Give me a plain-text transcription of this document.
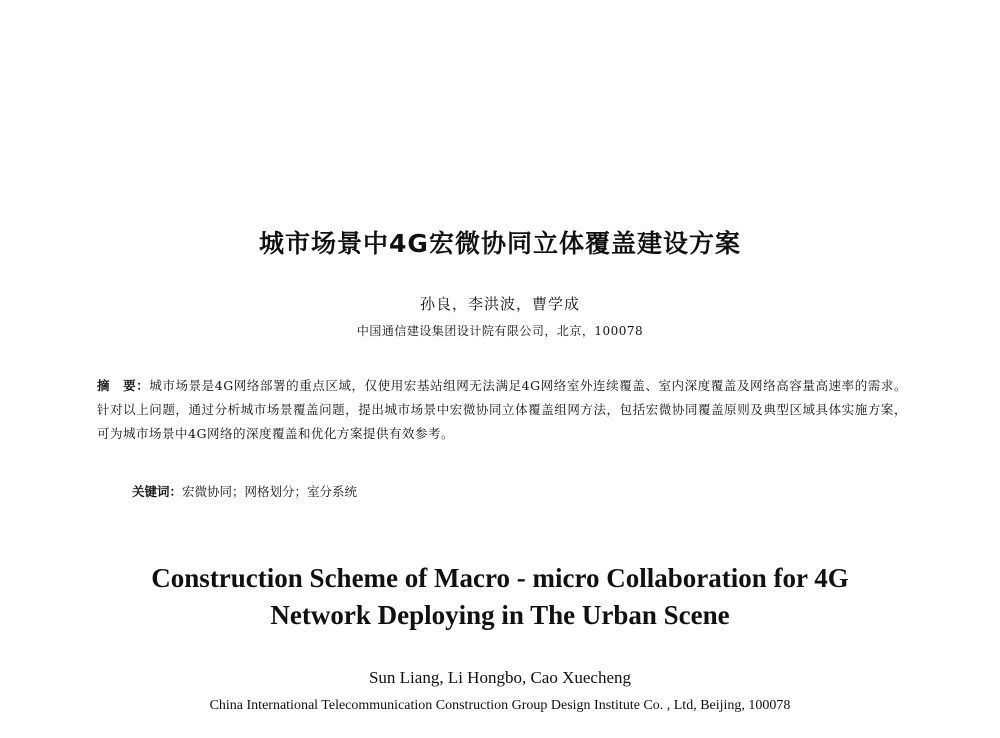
城市场景中4G宏微协同立体覆盖建设方案
孙良，李洪波，曹学成
中国通信建设集团设计院有限公司，北京，100078
摘　要：城市场景是4G网络部署的重点区域，仅使用宏基站组网无法满足4G网络室外连续覆盖、室内深度覆盖及网络高容量高速率的需求。针对以上问题，通过分析城市场景覆盖问题，提出城市场景中宏微协同立体覆盖组网方法，包括宏微协同覆盖原则及典型区域具体实施方案，可为城市场景中4G网络的深度覆盖和优化方案提供有效参考。
关键词：宏微协同；网格划分；室分系统
Construction Scheme of Macro - micro Collaboration for 4G
Network Deploying in The Urban Scene
Sun Liang, Li Hongbo, Cao Xuecheng
China International Telecommunication Construction Group Design Institute Co. , Ltd, Beijing, 100078
